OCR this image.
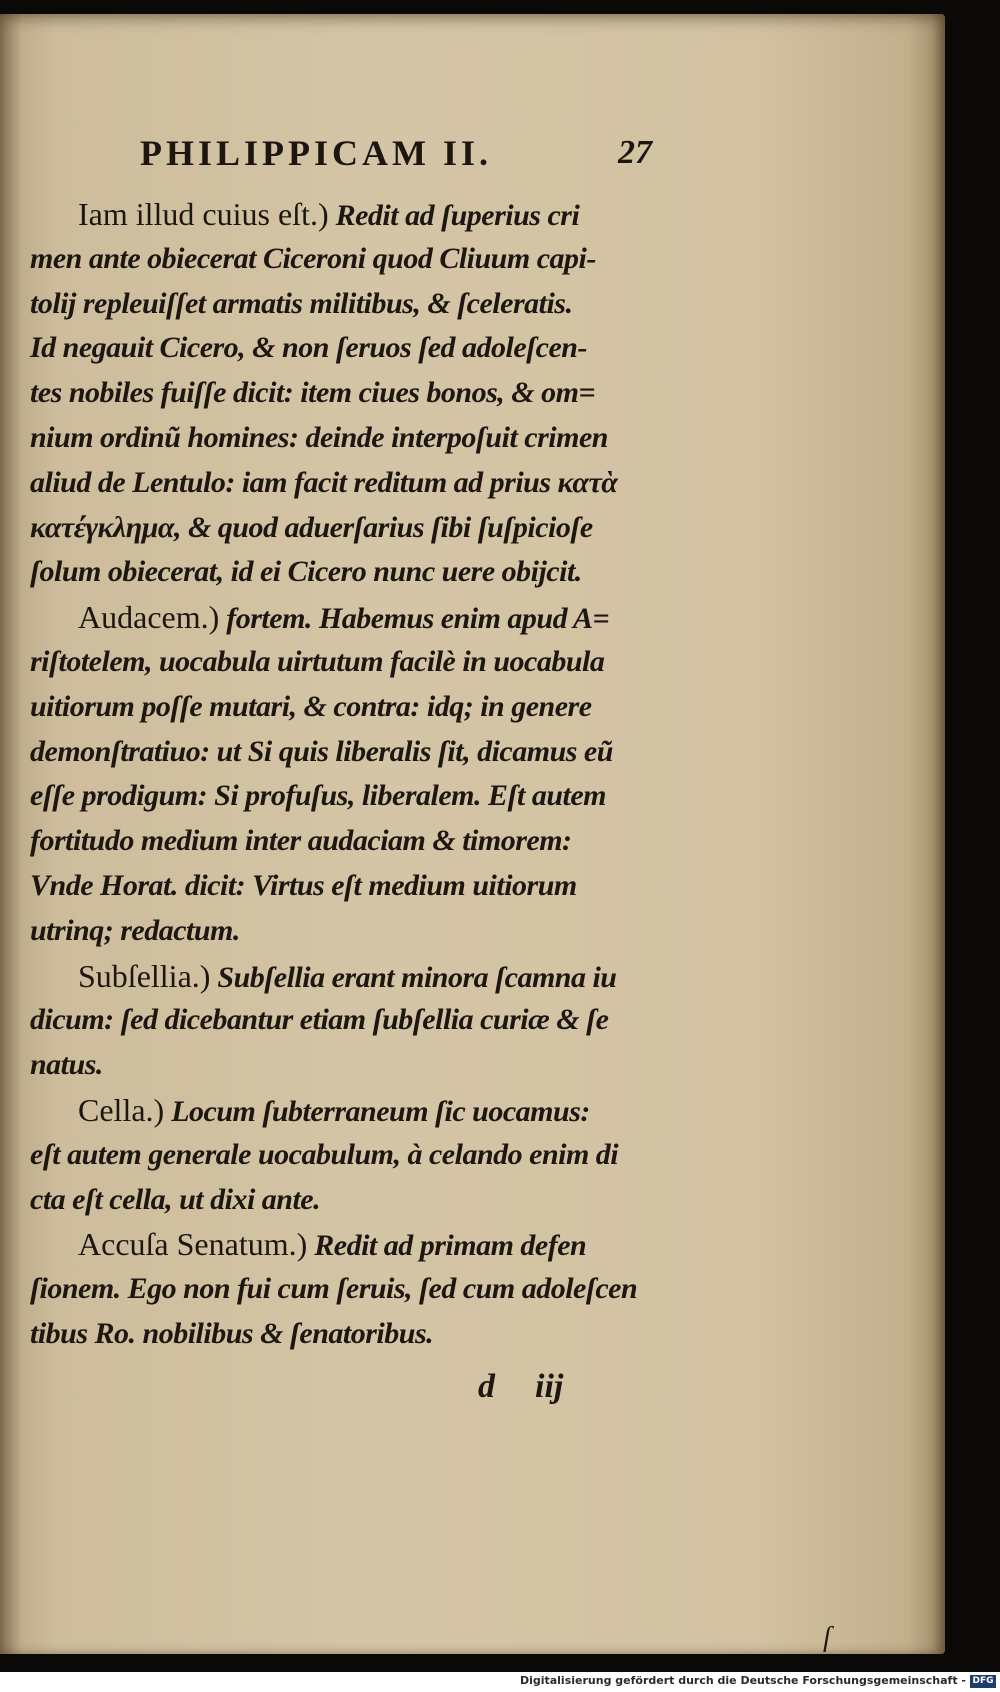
PHILIPPICAM II.	27
Iam illud cuius eſt.) Redit ad ſuperius cri
men ante obiecerat Ciceroni quod Cliuum capi-
tolij repleuiſſet armatis militibus, & ſceleratis.
Id negauit Cicero, & non ſeruos ſed adoleſcen-
tes nobiles fuiſſe dicit: item ciues bonos, & om=
nium ordinũ homines: deinde interpoſuit crimen
aliud de Lentulo: iam facit reditum ad prius κατὰ
κατέγκλημα, & quod aduerſarius ſibi ſuſpicioſe
ſolum obiecerat, id ei Cicero nunc uere obijcit.
Audacem.) fortem. Habemus enim apud A=
riſtotelem, uocabula uirtutum facilè in uocabula
uitiorum poſſe mutari, & contra: idq; in genere
demonſtratiuo: ut Si quis liberalis ſit, dicamus eũ
eſſe prodigum: Si profuſus, liberalem. Eſt autem
fortitudo medium inter audaciam & timorem:
Vnde Horat. dicit: Virtus eſt medium uitiorum
utrinq; redactum.
Subſellia.) Subſellia erant minora ſcamna iu
dicum: ſed dicebantur etiam ſubſellia curiæ & ſe
natus.
Cella.) Locum ſubterraneum ſic uocamus:
eſt autem generale uocabulum, à celando enim di
cta eſt cella, ut dixi ante.
Accuſa Senatum.) Redit ad primam defen
ſionem. Ego non fui cum ſeruis, ſed cum adoleſcen
tibus Ro. nobilibus & ſenatoribus.
d iij
ſ
Digitalisierung gefördert durch die Deutsche Forschungsgemeinschaft - DFG
